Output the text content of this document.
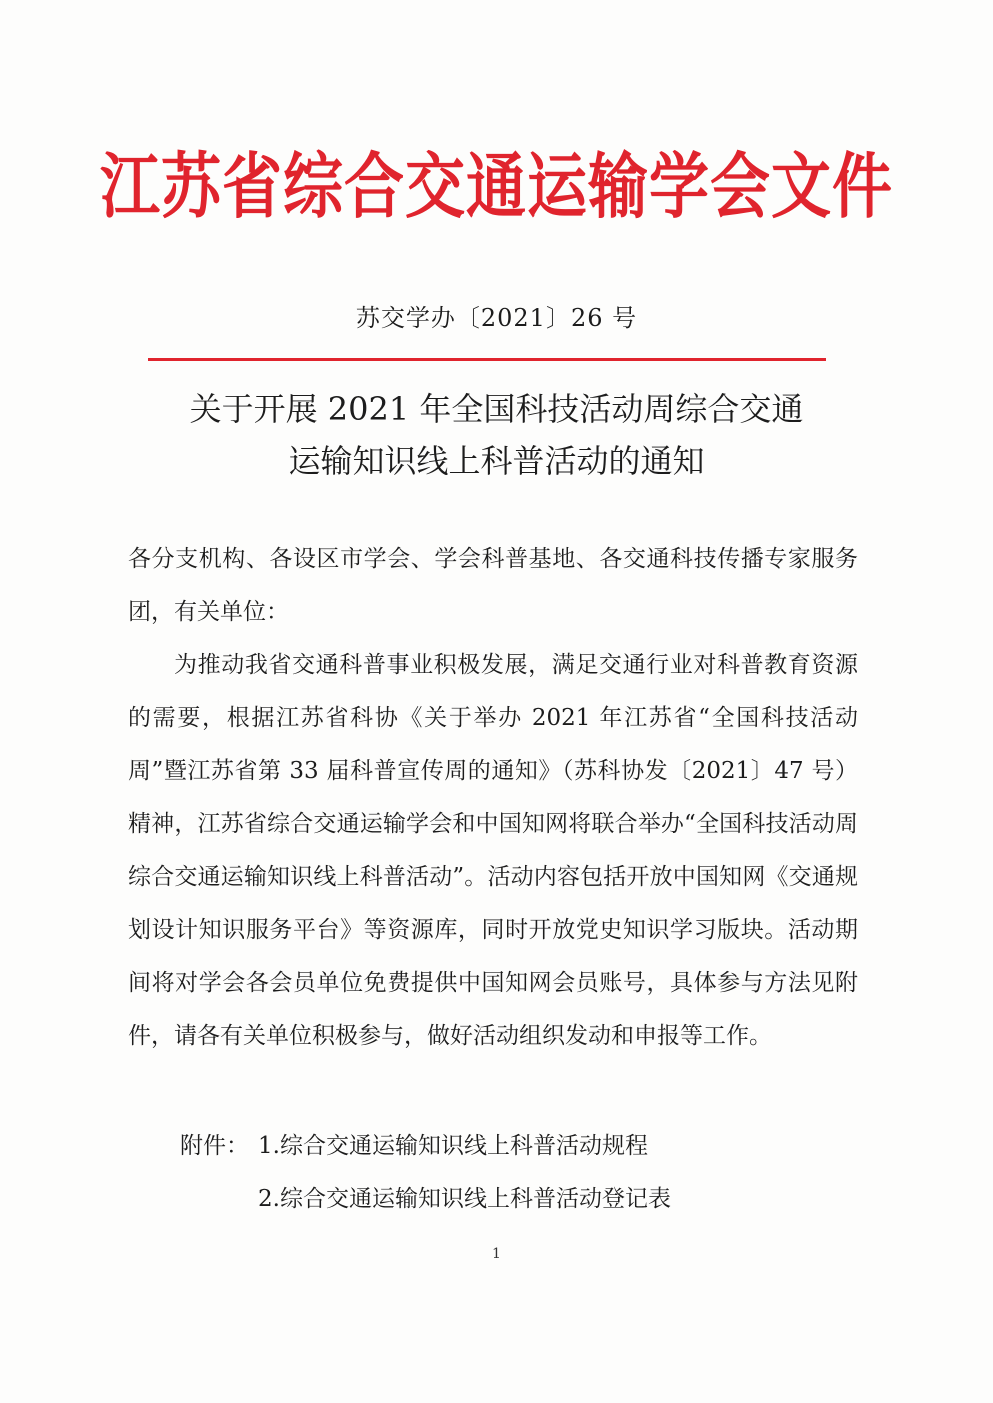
江苏省综合交通运输学会文件
苏交学办〔2021〕26 号
关于开展 2021 年全国科技活动周综合交通
运输知识线上科普活动的通知

各分支机构、各设区市学会、学会科普基地、各交通科技传播专家服务团，有关单位：

为推动我省交通科普事业积极发展，满足交通行业对科普教育资源的需要，根据江苏省科协《关于举办 2021 年江苏省“全国科技活动周”暨江苏省第 33 届科普宣传周的通知》（苏科协发〔2021〕47 号）精神，江苏省综合交通运输学会和中国知网将联合举办“全国科技活动周综合交通运输知识线上科普活动”。活动内容包括开放中国知网《交通规划设计知识服务平台》等资源库，同时开放党史知识学习版块。活动期间将对学会各会员单位免费提供中国知网会员账号，具体参与方法见附件，请各有关单位积极参与，做好活动组织发动和申报等工作。

附件： 1.综合交通运输知识线上科普活动规程
2.综合交通运输知识线上科普活动登记表
1
